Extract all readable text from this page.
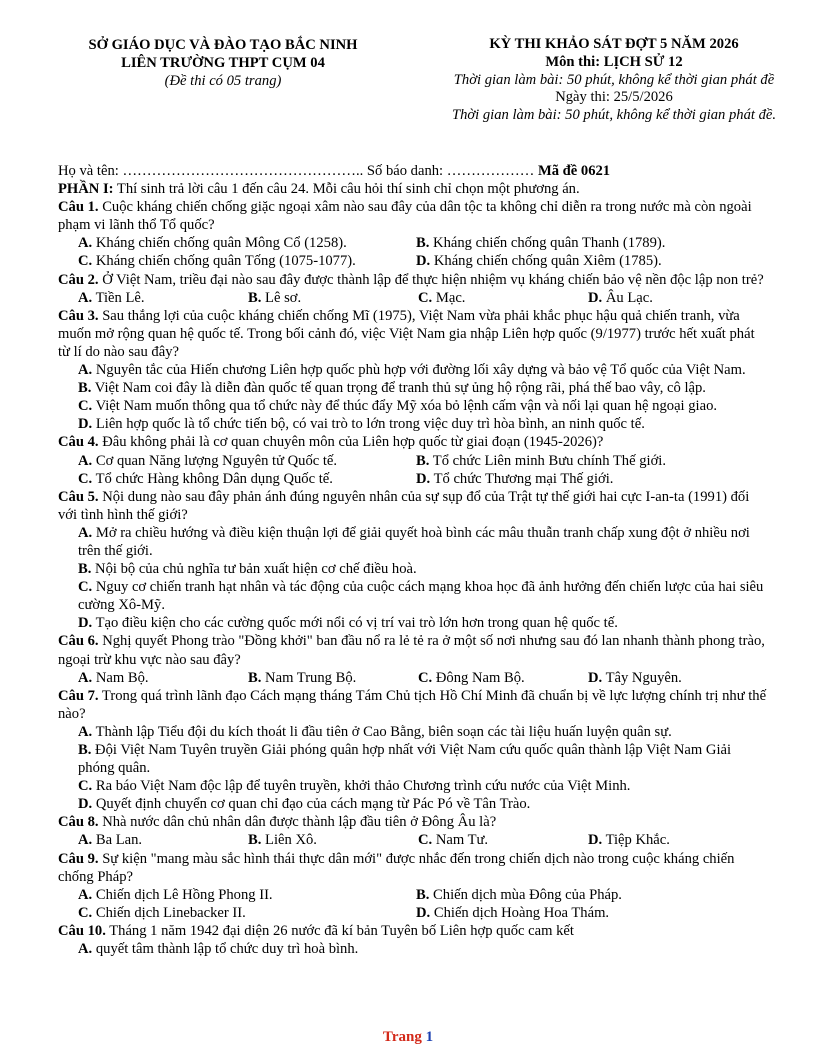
SỞ GIÁO DỤC VÀ ĐÀO TẠO BẮC NINH
LIÊN TRƯỜNG THPT CỤM 04
(Đề thi có 05 trang)
KỲ THI KHẢO SÁT ĐỢT 5 NĂM 2026
Môn thi: LỊCH SỬ 12
Thời gian làm bài: 50 phút, không kể thời gian phát đề
Ngày thi: 25/5/2026
Thời gian làm bài: 50 phút, không kể thời gian phát đề.
Họ và tên: ………………………………………….. Số báo danh: ……………… Mã đề 0621

PHẦN I: Thí sinh trả lời câu 1 đến câu 24. Mỗi câu hỏi thí sinh chỉ chọn một phương án.

Câu 1. Cuộc kháng chiến chống giặc ngoại xâm nào sau đây của dân tộc ta không chỉ diễn ra trong nước mà còn ngoài phạm vi lãnh thổ Tổ quốc?

A. Kháng chiến chống quân Mông Cổ (1258).	B. Kháng chiến chống quân Thanh (1789).
C. Kháng chiến chống quân Tống (1075-1077).	D. Kháng chiến chống quân Xiêm (1785).

Câu 2. Ở Việt Nam, triều đại nào sau đây được thành lập để thực hiện nhiệm vụ kháng chiến bảo vệ nền độc lập non trẻ?

A. Tiền Lê.	B. Lê sơ.	C. Mạc.	D. Âu Lạc.

Câu 3. Sau thắng lợi của cuộc kháng chiến chống Mĩ (1975), Việt Nam vừa phải khắc phục hậu quả chiến tranh, vừa muốn mở rộng quan hệ quốc tế. Trong bối cảnh đó, việc Việt Nam gia nhập Liên hợp quốc (9/1977) trước hết xuất phát từ lí do nào sau đây?

A. Nguyên tắc của Hiến chương Liên hợp quốc phù hợp với đường lối xây dựng và bảo vệ Tổ quốc của Việt Nam.
B. Việt Nam coi đây là diễn đàn quốc tế quan trọng để tranh thủ sự ủng hộ rộng rãi, phá thế bao vây, cô lập.
C. Việt Nam muốn thông qua tổ chức này để thúc đẩy Mỹ xóa bỏ lệnh cấm vận và nối lại quan hệ ngoại giao.
D. Liên hợp quốc là tổ chức tiến bộ, có vai trò to lớn trong việc duy trì hòa bình, an ninh quốc tế.

Câu 4. Đâu không phải là cơ quan chuyên môn của Liên hợp quốc từ giai đoạn (1945-2026)?

A. Cơ quan Năng lượng Nguyên tử Quốc tế.	B. Tổ chức Liên minh Bưu chính Thế giới.
C. Tổ chức Hàng không Dân dụng Quốc tế.	D. Tổ chức Thương mại Thế giới.

Câu 5. Nội dung nào sau đây phản ánh đúng nguyên nhân của sự sụp đổ của Trật tự thế giới hai cực I-an-ta (1991) đối với tình hình thế giới?

A. Mở ra chiều hướng và điều kiện thuận lợi để giải quyết hoà bình các mâu thuẫn tranh chấp xung đột ở nhiều nơi trên thế giới.
B. Nội bộ của chủ nghĩa tư bản xuất hiện cơ chế điều hoà.
C. Nguy cơ chiến tranh hạt nhân và tác động của cuộc cách mạng khoa học đã ảnh hưởng đến chiến lược của hai siêu cường Xô-Mỹ.
D. Tạo điều kiện cho các cường quốc mới nổi có vị trí vai trò lớn hơn trong quan hệ quốc tế.

Câu 6. Nghị quyết Phong trào "Đồng khởi" ban đầu nổ ra lẻ tẻ ra ở một số nơi nhưng sau đó lan nhanh thành phong trào, ngoại trừ khu vực nào sau đây?

A. Nam Bộ.	B. Nam Trung Bộ.	C. Đông Nam Bộ.	D. Tây Nguyên.

Câu 7. Trong quá trình lãnh đạo Cách mạng tháng Tám Chủ tịch Hồ Chí Minh đã chuẩn bị về lực lượng chính trị như thế nào?

A. Thành lập Tiểu đội du kích thoát li đầu tiên ở Cao Bằng, biên soạn các tài liệu huấn luyện quân sự.
B. Đội Việt Nam Tuyên truyền Giải phóng quân hợp nhất với Việt Nam cứu quốc quân thành lập Việt Nam Giải phóng quân.
C. Ra báo Việt Nam độc lập để tuyên truyền, khởi thảo Chương trình cứu nước của Việt Minh.
D. Quyết định chuyển cơ quan chỉ đạo của cách mạng từ Pác Pó về Tân Trào.

Câu 8. Nhà nước dân chủ nhân dân được thành lập đầu tiên ở Đông Âu là?

A. Ba Lan.	B. Liên Xô.	C. Nam Tư.	D. Tiệp Khắc.

Câu 9. Sự kiện "mang màu sắc hình thái thực dân mới" được nhắc đến trong chiến dịch nào trong cuộc kháng chiến chống Pháp?

A. Chiến dịch Lê Hồng Phong II.	B. Chiến dịch mùa Đông của Pháp.
C. Chiến dịch Linebacker II.	D. Chiến dịch Hoàng Hoa Thám.

Câu 10. Tháng 1 năm 1942 đại diện 26 nước đã kí bản Tuyên bố Liên hợp quốc cam kết

A. quyết tâm thành lập tổ chức duy trì hoà bình.
Trang 1
